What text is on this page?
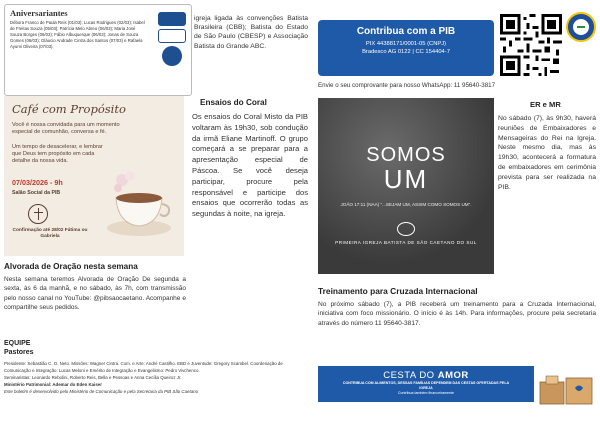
Aniversariantes
Débora Franco de Paula Reis (01/03); Lucas Rodrigues (02/03); Isabel de Freitas Souza (05/03); Patrícia Melo Abreu (06/03); Maria José Souza Borges (06/03); Fábio Albuquerque (06/03); Jonas de Souza Gomes (06/03); Gláucio Andrade Cintra dos Santos (07/03) e Rafaela Ayumi Oliveira (07/03).
igreja ligada às convenções Batista Brasileira (CBB); Batista do Estado de São Paulo (CBESP) e Associação Batista do Grande ABC.
Café com Propósito
Você é nossa convidada para um momento especial de comunhão, conversa e fé.
Um tempo de desacelerar, e lembrar que Deus tem propósito em cada detalhe da nossa vida.
07/03/2026 - 9h
Salão Social da PIB
Confirmação até 28/02 Fátima ou Gabriela
Alvorada de Oração nesta semana
Nesta semana teremos Alvorada de Oração De segunda a sexta, às 6 da manhã, e no sábado, às 7h, com transmissão pelo nosso canal no YouTube: @pibsaocaetano. Acompanhe e compartilhe seus pedidos.
Ensaios do Coral
Os ensaios do Coral Misto da PIB voltaram às 19h30, sob condução da irmã Eliane Martinoff. O grupo começará a se preparar para a apresentação especial de Páscoa. Se você deseja participar, procure pela responsável e participe dos ensaios que ocorrerão todas as segundas à noite, na igreja.
EQUIPE
Pastores
Presidente: Sebastião C. O. Neto. Missões: Wagner Cintra. Com. e Arte: André Castilho. EBD e Juventude: Gregory Scambel. Coordenação de Comunicação e Integração: Lucas Meloni e Emérito de Integração e Evangelismo: Pedro Vivchenco.
Seminaristas: Leonardo Rebolini, Roberto Reis, Bella e Pessoas e Anna Cecília Queiroz Jr.
Ministério Patrimonial: Ademar do Eden Kaiser
Este boletim é desenvolvido pelo Ministério de Comunicação e pela Secretaria da PIB São Caetano
Contribua com a PIB
PIX 44388171/0001-05 (CNPJ)
Bradesco AG 0122 | CC 154404-7
Envie o seu comprovante para nosso WhatsApp: 11 95640-3817
SOMOS
UM
JOÃO 17:11 (NAA) "...SEJAM UM, ASSIM COMO SOMOS UM".
PRIMEIRA IGREJA BATISTA DE SÃO CAETANO DO SUL
ER e MR
No sábado (7), às 9h30, haverá reuniões de Embaixadores e Mensageiras do Rei na Igreja. Neste mesmo dia, mas às 19h30, acontecerá a formatura de embaixadores em cerimônia prevista para ser realizada na PIB.
Treinamento para Cruzada Internacional
No próximo sábado (7), a PIB receberá um treinamento para a Cruzada Internacional, iniciativa com foco missionário. O início é às 14h. Para informações, procure pela secretaria através do número 11 95640-3817.
CESTA DO AMOR
CONTRIBUA COM ALIMENTOS, DESSAS FAMÍLIAS DEPENDEM DAS CESTAS OFERTADAS PELA IGREJA
Contribua também financeiramente
